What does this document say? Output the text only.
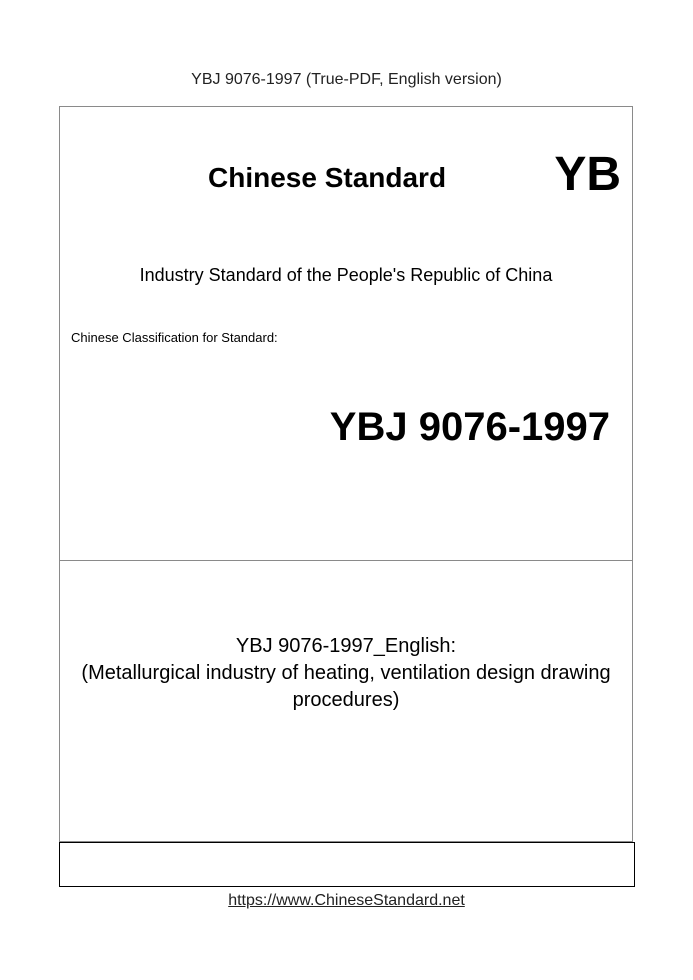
YBJ 9076-1997 (True-PDF, English version)
Chinese Standard YB
Industry Standard of the People's Republic of China
Chinese Classification for Standard:
YBJ 9076-1997
YBJ 9076-1997_English:
(Metallurgical industry of heating, ventilation design drawing
procedures)
https://www.ChineseStandard.net
